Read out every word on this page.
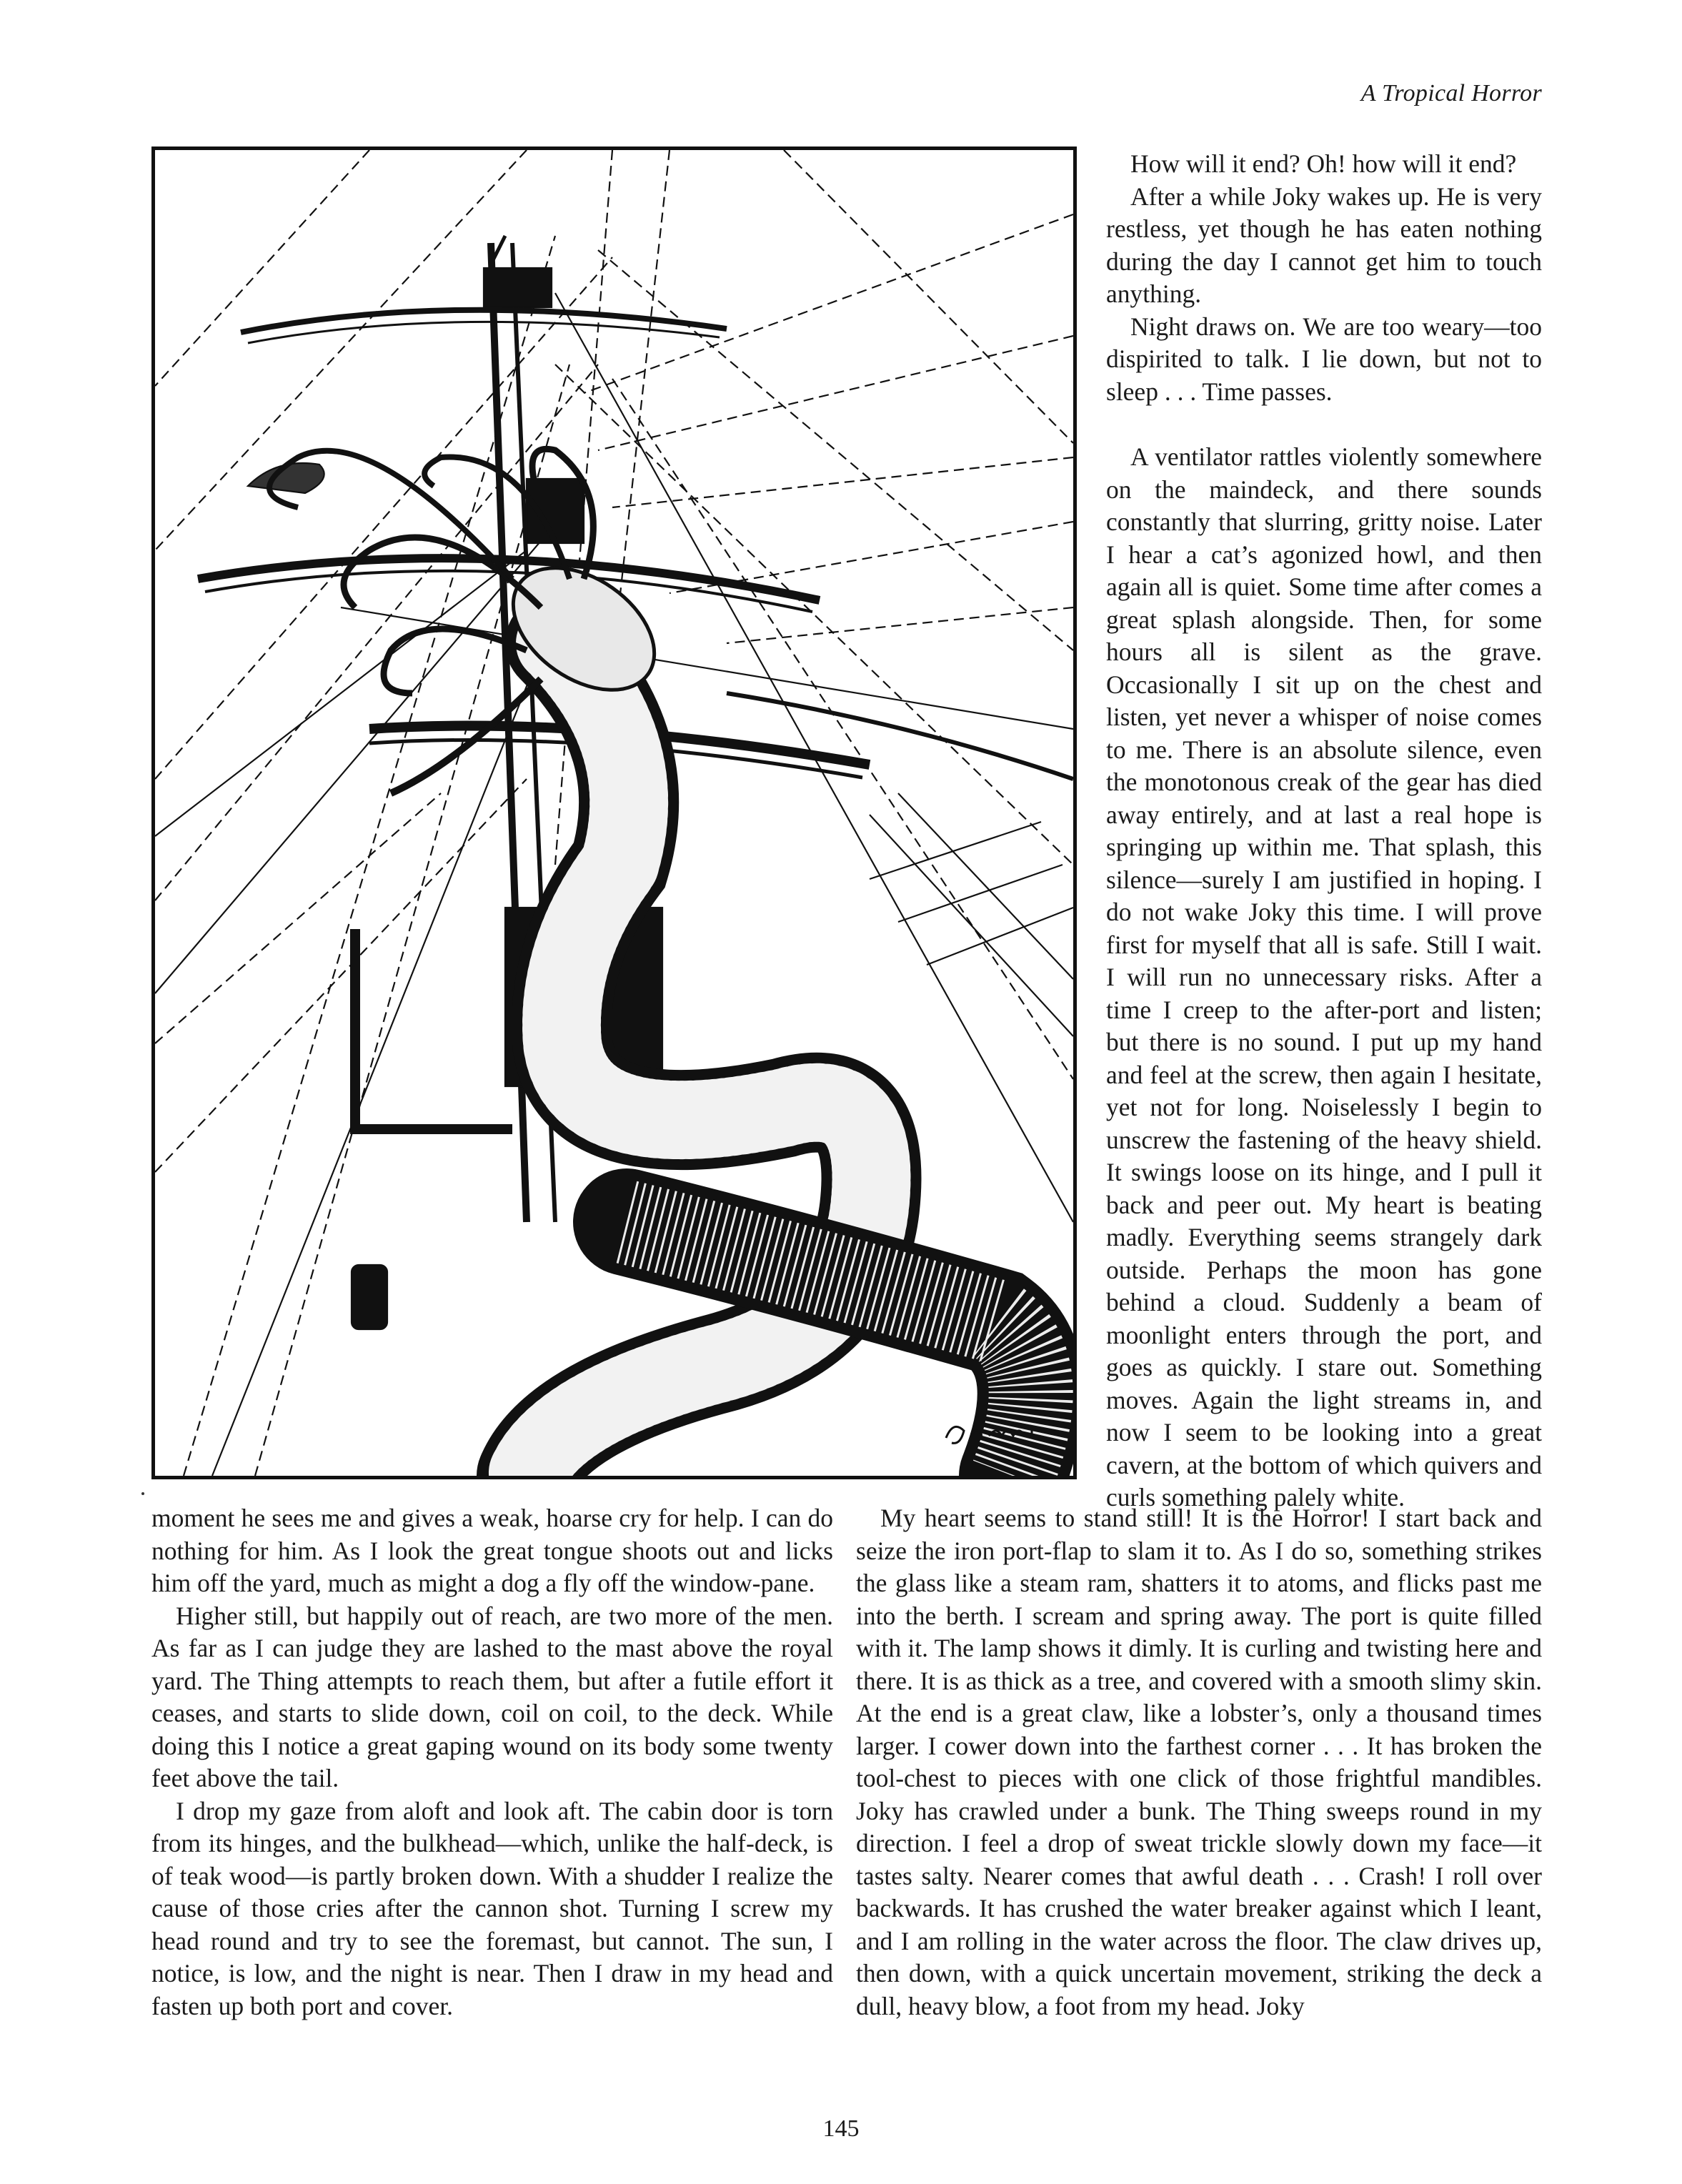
A Tropical Horror

How will it end? Oh! how will it end?

After a while Joky wakes up. He is very restless, yet though he has eaten nothing during the day I cannot get him to touch anything.

Night draws on. We are too weary—too dispirited to talk. I lie down, but not to sleep . . . Time passes.

A ventilator rattles violently somewhere on the maindeck, and there sounds constantly that slurring, gritty noise. Later I hear a cat’s agonized howl, and then again all is quiet. Some time after comes a great splash alongside. Then, for some hours all is silent as the grave. Occasionally I sit up on the chest and listen, yet never a whisper of noise comes to me. There is an absolute silence, even the monotonous creak of the gear has died away entirely, and at last a real hope is springing up within me. That splash, this silence—surely I am justified in hoping. I do not wake Joky this time. I will prove first for myself that all is safe. Still I wait. I will run no unnecessary risks. After a time I creep to the after-port and listen; but there is no sound. I put up my hand and feel at the screw, then again I hesitate, yet not for long. Noiselessly I begin to unscrew the fastening of the heavy shield. It swings loose on its hinge, and I pull it back and peer out. My heart is beating madly. Everything seems strangely dark outside. Perhaps the moon has gone behind a cloud. Suddenly a beam of moonlight enters through the port, and goes as quickly. I stare out. Something moves. Again the light streams in, and now I seem to be looking into a great cavern, at the bottom of which quivers and curls something palely white.

moment he sees me and gives a weak, hoarse cry for help. I can do nothing for him. As I look the great tongue shoots out and licks him off the yard, much as might a dog a fly off the window-pane.

Higher still, but happily out of reach, are two more of the men. As far as I can judge they are lashed to the mast above the royal yard. The Thing attempts to reach them, but after a futile effort it ceases, and starts to slide down, coil on coil, to the deck. While doing this I notice a great gaping wound on its body some twenty feet above the tail.

I drop my gaze from aloft and look aft. The cabin door is torn from its hinges, and the bulkhead—which, unlike the half-deck, is of teak wood—is partly broken down. With a shudder I realize the cause of those cries after the cannon shot. Turning I screw my head round and try to see the foremast, but cannot. The sun, I notice, is low, and the night is near. Then I draw in my head and fasten up both port and cover.

My heart seems to stand still! It is the Horror! I start back and seize the iron port-flap to slam it to. As I do so, something strikes the glass like a steam ram, shatters it to atoms, and flicks past me into the berth. I scream and spring away. The port is quite filled with it. The lamp shows it dimly. It is curling and twisting here and there. It is as thick as a tree, and covered with a smooth slimy skin. At the end is a great claw, like a lobster’s, only a thousand times larger. I cower down into the farthest corner . . . It has broken the tool-chest to pieces with one click of those frightful mandibles. Joky has crawled under a bunk. The Thing sweeps round in my direction. I feel a drop of sweat trickle slowly down my face—it tastes salty. Nearer comes that awful death . . . Crash! I roll over backwards. It has crushed the water breaker against which I leant, and I am rolling in the water across the floor. The claw drives up, then down, with a quick uncertain movement, striking the deck a dull, heavy blow, a foot from my head. Joky

145
